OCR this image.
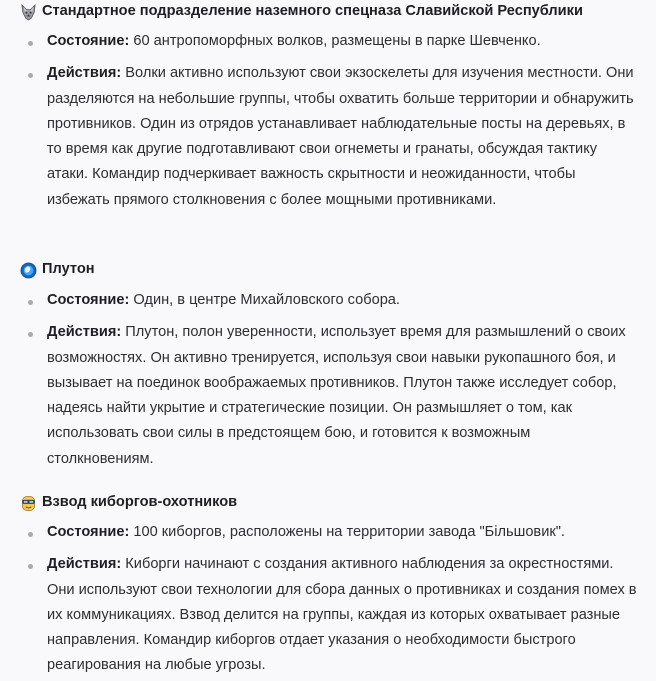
Стандартное подразделение наземного спецназа Славийской Республики
Состояние: 60 антропоморфных волков, размещены в парке Шевченко.
Действия: Волки активно используют свои экзоскелеты для изучения местности. Они разделяются на небольшие группы, чтобы охватить больше территории и обнаружить противников. Один из отрядов устанавливает наблюдательные посты на деревьях, в то время как другие подготавливают свои огнеметы и гранаты, обсуждая тактику атаки. Командир подчеркивает важность скрытности и неожиданности, чтобы избежать прямого столкновения с более мощными противниками.
Плутон
Состояние: Один, в центре Михайловского собора.
Действия: Плутон, полон уверенности, использует время для размышлений о своих возможностях. Он активно тренируется, используя свои навыки рукопашного боя, и вызывает на поединок воображаемых противников. Плутон также исследует собор, надеясь найти укрытие и стратегические позиции. Он размышляет о том, как использовать свои силы в предстоящем бою, и готовится к возможным столкновениям.
Взвод киборгов-охотников
Состояние: 100 киборгов, расположены на территории завода "Більшовик".
Действия: Киборги начинают с создания активного наблюдения за окрестностями. Они используют свои технологии для сбора данных о противниках и создания помех в их коммуникациях. Взвод делится на группы, каждая из которых охватывает разные направления. Командир киборгов отдает указания о необходимости быстрого реагирования на любые угрозы.
